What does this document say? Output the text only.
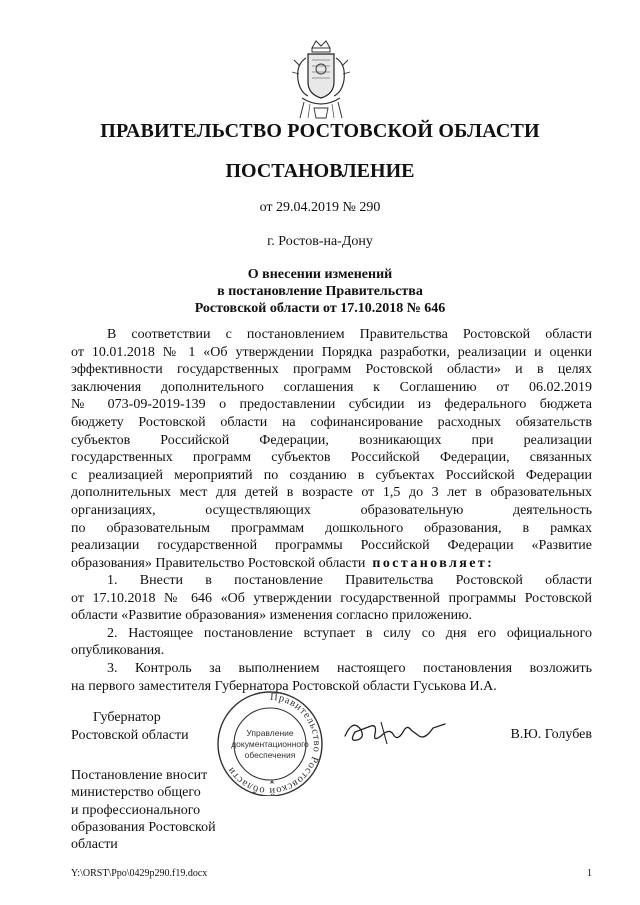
ПРАВИТЕЛЬСТВО РОСТОВСКОЙ ОБЛАСТИ
ПОСТАНОВЛЕНИЕ
от 29.04.2019 № 290
г. Ростов-на-Дону
О внесении изменений
в постановление Правительства
Ростовской области от 17.10.2018 № 646

В соответствии с постановлением Правительства Ростовской области

от 10.01.2018 № 1 «Об утверждении Порядка разработки, реализации и оценки

эффективности государственных программ Ростовской области» и в целях

заключения дополнительного соглашения к Соглашению от 06.02.2019

№ 073-09-2019-139 о предоставлении субсидии из федерального бюджета

бюджету Ростовской области на софинансирование расходных обязательств

субъектов Российской Федерации, возникающих при реализации

государственных программ субъектов Российской Федерации, связанных

с реализацией мероприятий по созданию в субъектах Российской Федерации

дополнительных мест для детей в возрасте от 1,5 до 3 лет в образовательных

организациях, осуществляющих образовательную деятельность

по образовательным программам дошкольного образования, в рамках

реализации государственной программы Российской Федерации «Развитие

образования» Правительство Ростовской области постановляет:

1. Внести в постановление Правительства Ростовской области

от 17.10.2018 № 646 «Об утверждении государственной программы Ростовской

области «Развитие образования» изменения согласно приложению.

2. Настоящее постановление вступает в силу со дня его официального

опубликования.

3. Контроль за выполнением настоящего постановления возложить

на первого заместителя Губернатора Ростовской области Гуськова И.А.

Губернатор
Ростовской области	В.Ю. Голубев
Правительство Ростовской области
Управление
документационного
обеспечения
Постановление вносит
министерство общего
и профессионального
образования Ростовской
области
Y:\ORST\Ppo\0429p290.f19.docx	1
